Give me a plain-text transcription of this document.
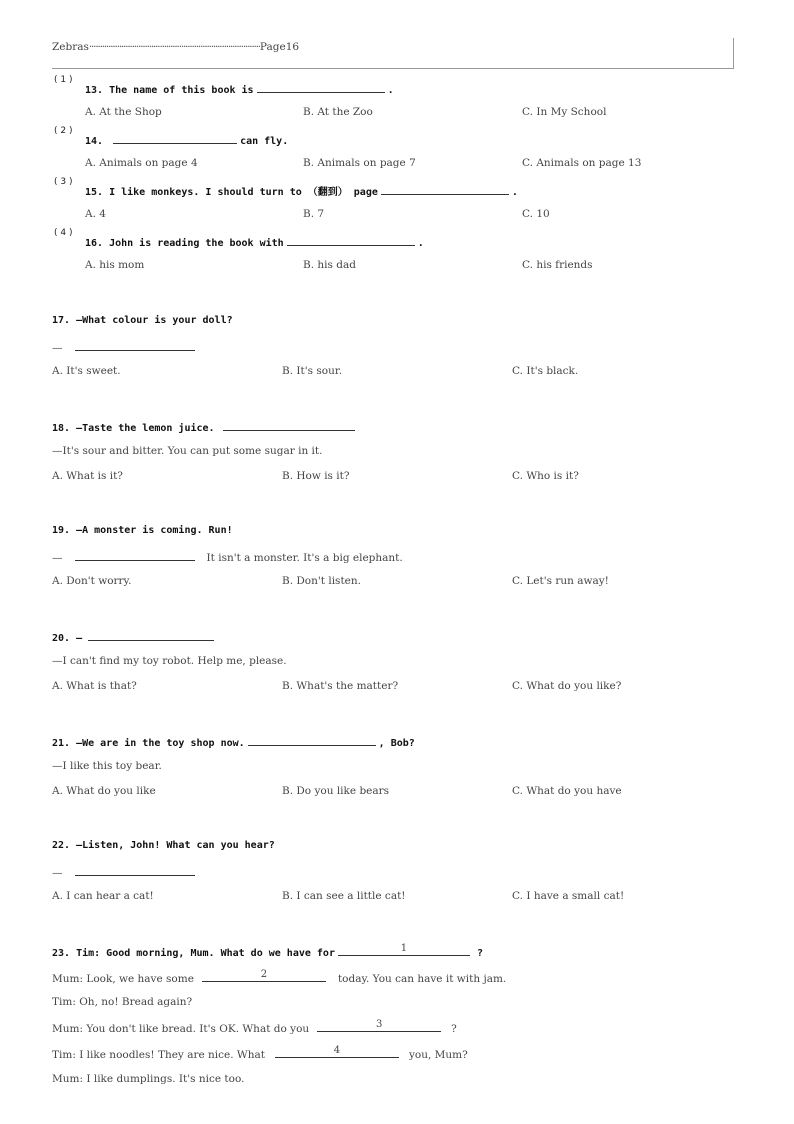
Zebras················································································Page16
( 1 )
13. The name of this book is	.
A. At the Shop	B. At the Zoo	C. In My School
( 2 )
14.	can fly.
A. Animals on page 4	B. Animals on page 7	C. Animals on page 13
( 3 )
15. I like monkeys. I should turn to （翻到） page	.
A. 4	B. 7	C. 10
( 4 )
16. John is reading the book with	.
A. his mom	B. his dad	C. his friends
17. —What colour is your doll?
—
A. It's sweet.	B. It's sour.	C. It's black.
18. —Taste the lemon juice.
—It's sour and bitter. You can put some sugar in it.
A. What is it?	B. How is it?	C. Who is it?
19. —A monster is coming. Run!
—	It isn't a monster. It's a big elephant.
A. Don't worry.	B. Don't listen.	C. Let's run away!
20. —
—I can't find my toy robot. Help me, please.
A. What is that?	B. What's the matter?	C. What do you like?
21. —We are in the toy shop now.	, Bob?
—I like this toy bear.
A. What do you like	B. Do you like bears	C. What do you have
22. —Listen, John! What can you hear?
—
A. I can hear a cat!	B. I can see a little cat!	C. I have a small cat!
23. Tim: Good morning, Mum. What do we have for	1	?
Mum: Look, we have some	2	today. You can have it with jam.
Tim: Oh, no! Bread again?
Mum: You don't like bread. It's OK. What do you	3	?
Tim: I like noodles! They are nice. What	4	you, Mum?
Mum: I like dumplings. It's nice too.
